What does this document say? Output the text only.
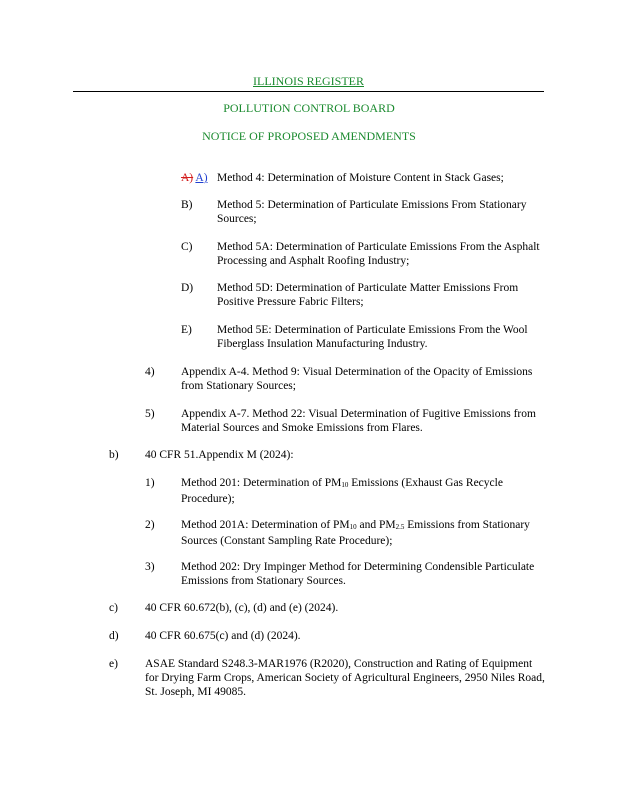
ILLINOIS REGISTER
POLLUTION CONTROL BOARD
NOTICE OF PROPOSED AMENDMENTS
A) A) Method 4: Determination of Moisture Content in Stack Gases;
B) Method 5: Determination of Particulate Emissions From Stationary Sources;
C) Method 5A: Determination of Particulate Emissions From the Asphalt Processing and Asphalt Roofing Industry;
D) Method 5D: Determination of Particulate Matter Emissions From Positive Pressure Fabric Filters;
E) Method 5E: Determination of Particulate Emissions From the Wool Fiberglass Insulation Manufacturing Industry.
4) Appendix A-4. Method 9: Visual Determination of the Opacity of Emissions from Stationary Sources;
5) Appendix A-7. Method 22: Visual Determination of Fugitive Emissions from Material Sources and Smoke Emissions from Flares.
b) 40 CFR 51.Appendix M (2024):
1) Method 201: Determination of $PM_{10}$ Emissions (Exhaust Gas Recycle Procedure);
2) Method 201A: Determination of $PM_{10}$ and $PM_{2.5}$ Emissions from Stationary Sources (Constant Sampling Rate Procedure);
3) Method 202: Dry Impinger Method for Determining Condensible Particulate Emissions from Stationary Sources.
c) 40 CFR 60.672(b), (c), (d) and (e) (2024).
d) 40 CFR 60.675(c) and (d) (2024).
e) ASAE Standard S248.3-MAR1976 (R2020), Construction and Rating of Equipment for Drying Farm Crops, American Society of Agricultural Engineers, 2950 Niles Road, St. Joseph, MI 49085.
